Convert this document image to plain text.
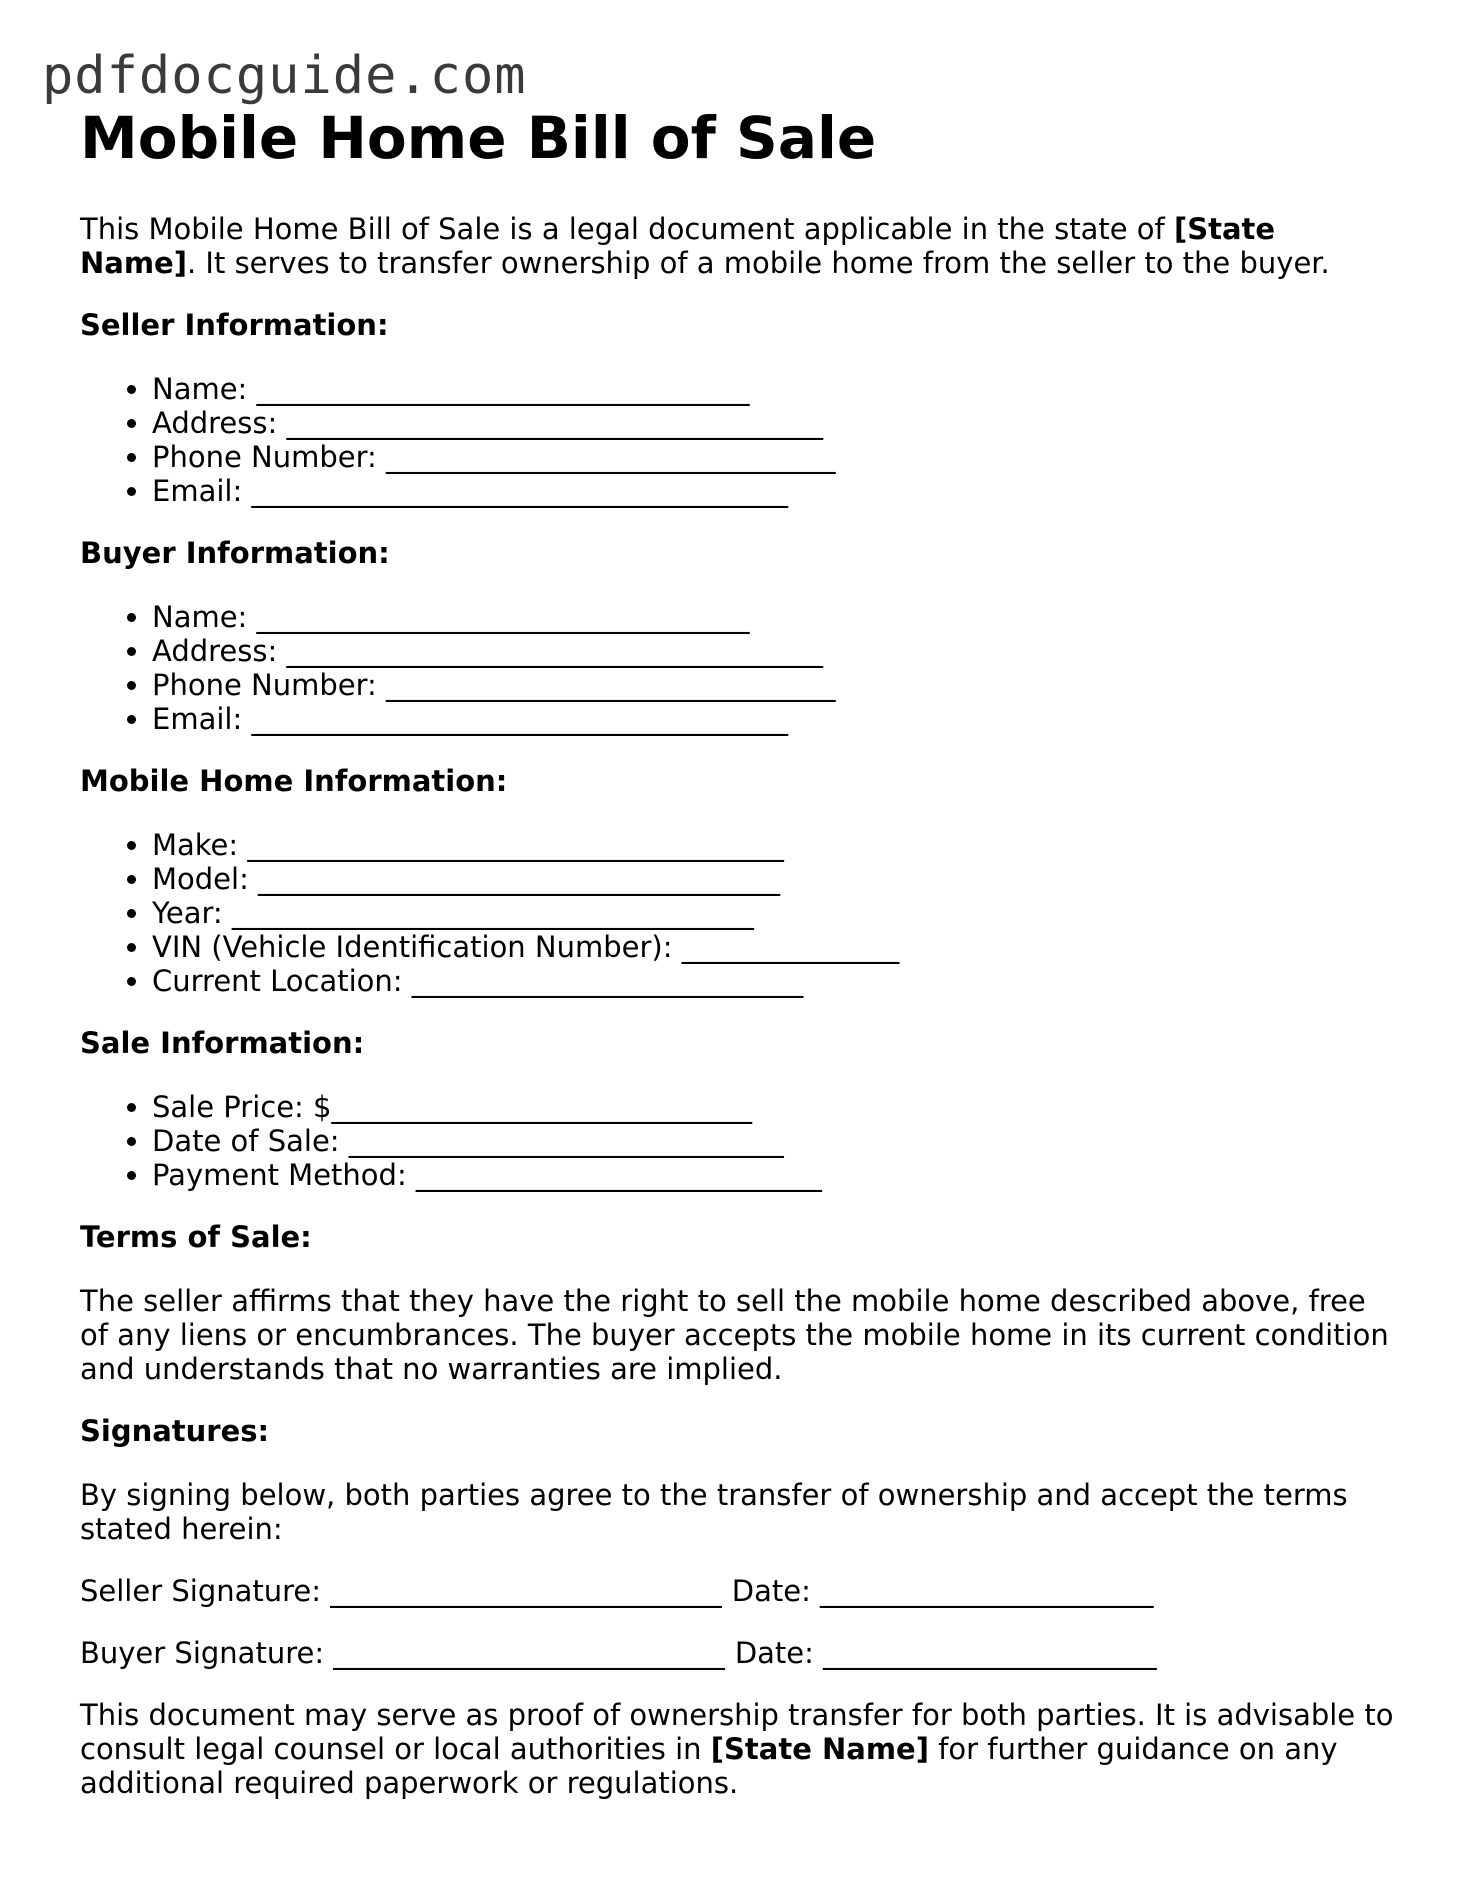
pdfdocguide.com
Mobile Home Bill of Sale

This Mobile Home Bill of Sale is a legal document applicable in the state of [State Name]. It serves to transfer ownership of a mobile home from the seller to the buyer.

Seller Information:
• Name: __________________________________
• Address: _____________________________________
• Phone Number: _______________________________
• Email: _____________________________________
Buyer Information:
• Name: __________________________________
• Address: _____________________________________
• Phone Number: _______________________________
• Email: _____________________________________
Mobile Home Information:
• Make: _____________________________________
• Model: ____________________________________
• Year: ____________________________________
• VIN (Vehicle Identification Number): _______________
• Current Location: ___________________________
Sale Information:
• Sale Price: $_____________________________
• Date of Sale: ______________________________
• Payment Method: ____________________________
Terms of Sale:

The seller affirms that they have the right to sell the mobile home described above, free of any liens or encumbrances. The buyer accepts the mobile home in its current condition and understands that no warranties are implied.

Signatures:

By signing below, both parties agree to the transfer of ownership and accept the terms stated herein:

Seller Signature: ___________________________ Date: _______________________
Buyer Signature: ___________________________ Date: _______________________

This document may serve as proof of ownership transfer for both parties. It is advisable to consult legal counsel or local authorities in [State Name] for further guidance on any additional required paperwork or regulations.
